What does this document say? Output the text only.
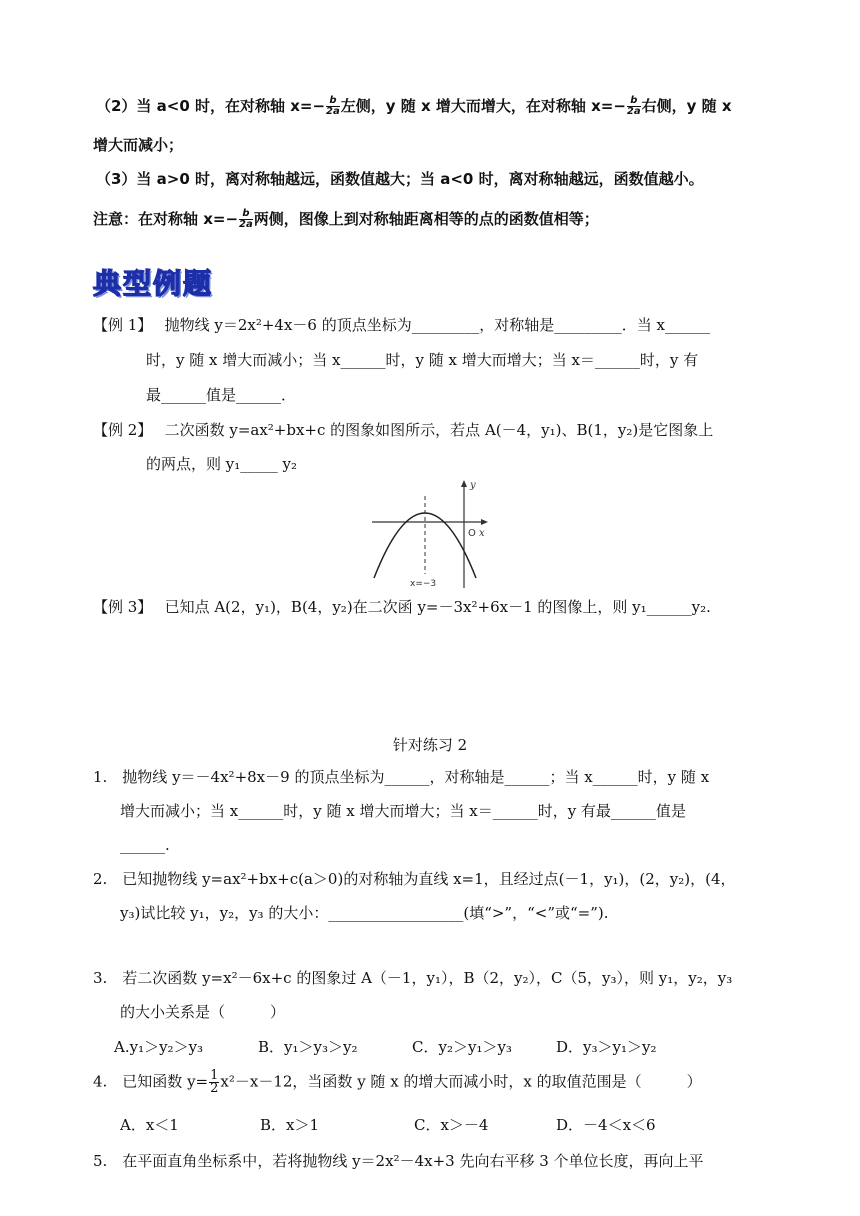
（2）当 a<0 时，在对称轴 $x=- \frac{b}{2a}$ 左侧，y 随 x 增大而增大，在对称轴 $x=- \frac{b}{2a}$ 右侧，y 随 x
增大而减小；
（3）当 a>0 时，离对称轴越远，函数值越大；当 a<0 时，离对称轴越远，函数值越小。
注意：在对称轴 $x=- \frac{b}{2a}$ 两侧，图像上到对称轴距离相等的点的函数值相等；
典型例题
【例 1】　 抛物线 y＝2x²+4x－6 的顶点坐标为_________，对称轴是_________．当 x______
时，y 随 x 增大而减小；当 x______时，y 随 x 增大而增大；当 x＝______时，y 有
最______值是______．
【例 2】　 二次函数 y=ax²+bx+c 的图象如图所示，若点 A(－4，y₁)、B(1，y₂)是它图象上
的两点，则 y₁_____ y₂
y
x
O
x=−3
【例 3】　 已知点 A(2，y₁)，B(4，y₂)在二次函 y=－3x²+6x－1 的图像上，则 y₁______y₂.
针对练习 2
1.　抛物线 y＝－4x²+8x－9 的顶点坐标为______，对称轴是______；当 x______时，y 随 x
增大而减小；当 x______时，y 随 x 增大而增大；当 x＝______时，y 有最______值是
______.
2.　已知抛物线 y=ax²+bx+c(a＞0)的对称轴为直线 x=1，且经过点(－1，y₁)，(2，y₂)，(4，
y₃)试比较 y₁，y₂，y₃ 的大小：__________________(填“>”，“<”或“=”).
3.　若二次函数 y=x²－6x+c 的图象过 A（－1，y₁），B（2，y₂），C（5，y₃），则 y₁，y₂，y₃
的大小关系是（　　　）
A.y₁＞y₂＞y₃	B．y₁＞y₃＞y₂	C．y₂＞y₁＞y₃	D．y₃＞y₁＞y₂
4.　已知函数 $y= \frac{1}{2} x^2-x-12$，当函数 y 随 x 的增大而减小时，x 的取值范围是（　　　）
A．x＜1	B．x＞1	C．x＞－4	D．－4＜x＜6
5.　在平面直角坐标系中，若将抛物线 y＝2x²－4x+3 先向右平移 3 个单位长度，再向上平
